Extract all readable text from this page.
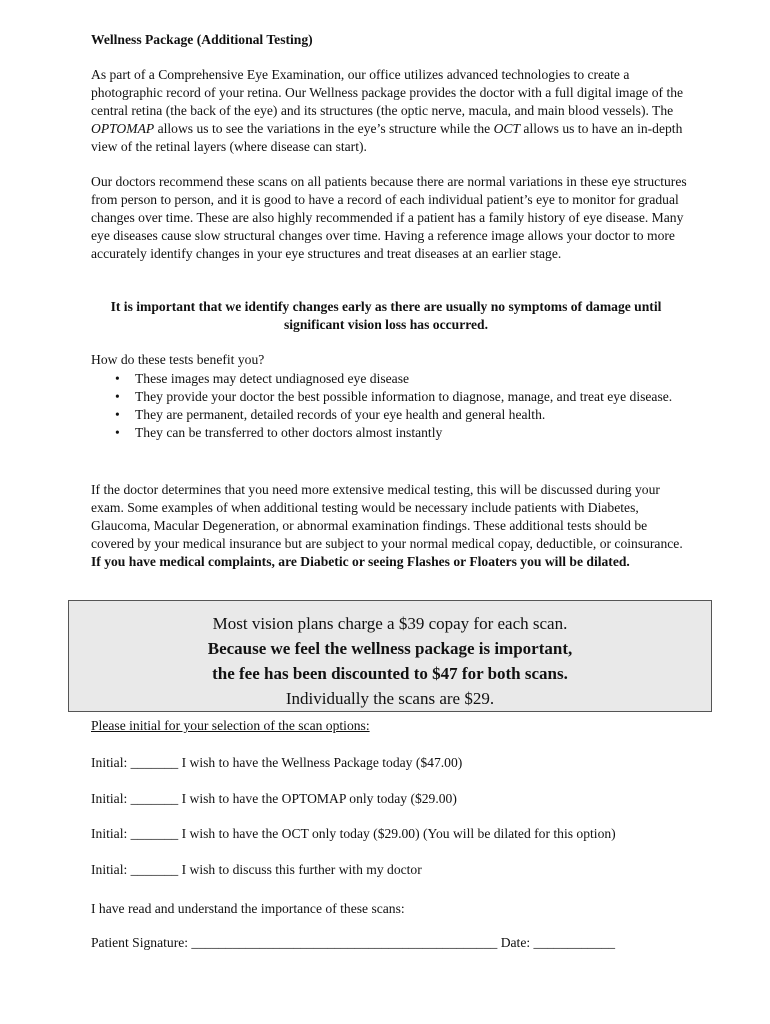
Wellness Package (Additional Testing)

As part of a Comprehensive Eye Examination, our office utilizes advanced technologies to create a photographic record of your retina. Our Wellness package provides the doctor with a full digital image of the central retina (the back of the eye) and its structures (the optic nerve, macula, and main blood vessels). The OPTOMAP allows us to see the variations in the eye’s structure while the OCT allows us to have an in-depth view of the retinal layers (where disease can start).

Our doctors recommend these scans on all patients because there are normal variations in these eye structures from person to person, and it is good to have a record of each individual patient’s eye to monitor for gradual changes over time. These are also highly recommended if a patient has a family history of eye disease. Many eye diseases cause slow structural changes over time. Having a reference image allows your doctor to more accurately identify changes in your eye structures and treat diseases at an earlier stage.

It is important that we identify changes early as there are usually no symptoms of damage until significant vision loss has occurred.

How do these tests benefit you?

• These images may detect undiagnosed eye disease
• They provide your doctor the best possible information to diagnose, manage, and treat eye disease.
• They are permanent, detailed records of your eye health and general health.
• They can be transferred to other doctors almost instantly

If the doctor determines that you need more extensive medical testing, this will be discussed during your exam. Some examples of when additional testing would be necessary include patients with Diabetes, Glaucoma, Macular Degeneration, or abnormal examination findings. These additional tests should be covered by your medical insurance but are subject to your normal medical copay, deductible, or coinsurance. If you have medical complaints, are Diabetic or seeing Flashes or Floaters you will be dilated.

Most vision plans charge a $39 copay for each scan.
Because we feel the wellness package is important,
the fee has been discounted to $47 for both scans.
Individually the scans are $29.
Please initial for your selection of the scan options:
Initial: _______ I wish to have the Wellness Package today ($47.00)
Initial: _______ I wish to have the OPTOMAP only today ($29.00)
Initial: _______ I wish to have the OCT only today ($29.00) (You will be dilated for this option)
Initial: _______ I wish to discuss this further with my doctor
I have read and understand the importance of these scans:
Patient Signature: _____________________________________________ Date: ____________
